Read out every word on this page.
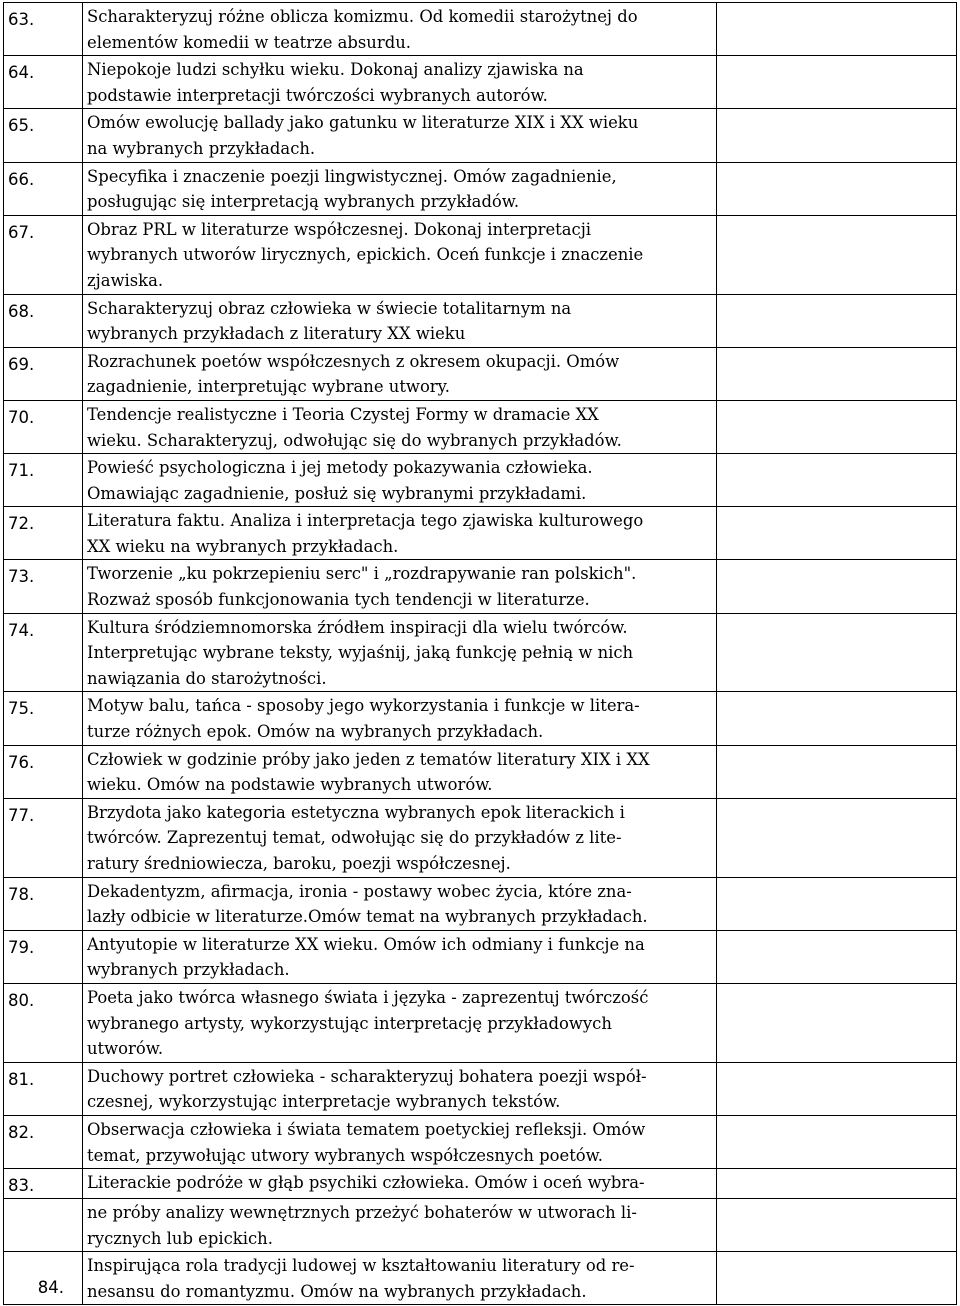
63.	Scharakteryzuj różne oblicza komizmu. Od komedii starożytnej do
elementów komedii w teatrze absurdu.	
64.	Niepokoje ludzi schyłku wieku. Dokonaj analizy zjawiska na
podstawie interpretacji twórczości wybranych autorów.	
65.	Omów ewolucję ballady jako gatunku w literaturze XIX i XX wieku
na wybranych przykładach.	
66.	Specyfika i znaczenie poezji lingwistycznej. Omów zagadnienie,
posługując się interpretacją wybranych przykładów.	
67.	Obraz PRL w literaturze współczesnej. Dokonaj interpretacji
wybranych utworów lirycznych, epickich. Oceń funkcje i znaczenie
zjawiska.	
68.	Scharakteryzuj obraz człowieka w świecie totalitarnym na
wybranych przykładach z literatury XX wieku	
69.	Rozrachunek poetów współczesnych z okresem okupacji. Omów
zagadnienie, interpretując wybrane utwory.	
70.	Tendencje realistyczne i Teoria Czystej Formy w dramacie XX
wieku. Scharakteryzuj, odwołując się do wybranych przykładów.	
71.	Powieść psychologiczna i jej metody pokazywania człowieka.
Omawiając zagadnienie, posłuż się wybranymi przykładami.	
72.	Literatura faktu. Analiza i interpretacja tego zjawiska kulturowego
XX wieku na wybranych przykładach.	
73.	Tworzenie „ku pokrzepieniu serc" i „rozdrapywanie ran polskich".
Rozważ sposób funkcjonowania tych tendencji w literaturze.	
74.	Kultura śródziemnomorska źródłem inspiracji dla wielu twórców.
Interpretując wybrane teksty, wyjaśnij, jaką funkcję pełnią w nich
nawiązania do starożytności.	
75.	Motyw balu, tańca - sposoby jego wykorzystania i funkcje w litera-
turze różnych epok. Omów na wybranych przykładach.	
76.	Człowiek w godzinie próby jako jeden z tematów literatury XIX i XX
wieku. Omów na podstawie wybranych utworów.	
77.	Brzydota jako kategoria estetyczna wybranych epok literackich i
twórców. Zaprezentuj temat, odwołując się do przykładów z lite-
ratury średniowiecza, baroku, poezji współczesnej.	
78.	Dekadentyzm, afirmacja, ironia - postawy wobec życia, które zna-
lazły odbicie w literaturze.Omów temat na wybranych przykładach.	
79.	Antyutopie w literaturze XX wieku. Omów ich odmiany i funkcje na
wybranych przykładach.	
80.	Poeta jako twórca własnego świata i języka - zaprezentuj twórczość
wybranego artysty, wykorzystując interpretację przykładowych
utworów.	
81.	Duchowy portret człowieka - scharakteryzuj bohatera poezji współ-
czesnej, wykorzystując interpretacje wybranych tekstów.	
82.	Obserwacja człowieka i świata tematem poetyckiej refleksji. Omów
temat, przywołując utwory wybranych współczesnych poetów.	
83.	Literackie podróże w głąb psychiki człowieka. Omów i oceń wybra-	
	ne próby analizy wewnętrznych przeżyć bohaterów w utworach li-
rycznych lub epickich.	
84.	Inspirująca rola tradycji ludowej w kształtowaniu literatury od re-
nesansu do romantyzmu. Omów na wybranych przykładach.	
